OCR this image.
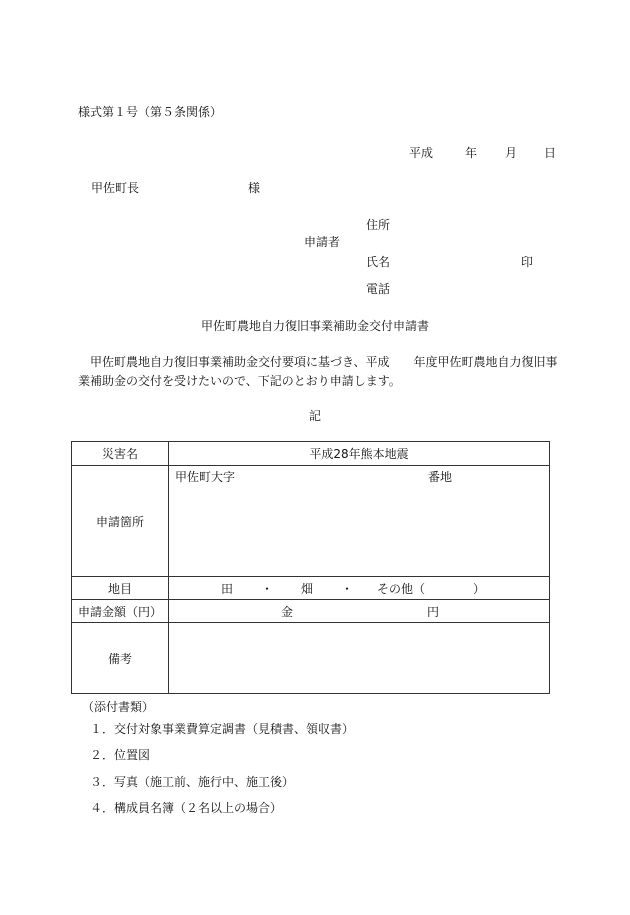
様式第１号（第５条関係）
平成	年 月 日
甲佐町長	様
住所
申請者
氏名	印
電話
甲佐町農地自力復旧事業補助金交付申請書
甲佐町農地自力復旧事業補助金交付要項に基づき、平成　　年度甲佐町農地自力復旧事業補助金の交付を受けたいので、下記のとおり申請します。
記
災害名	平成28年熊本地震
申請箇所	甲佐町大字 番地

地目	田 ・ 畑 ・ その他（　　　　）

申請金額（円）	金 円

備考	
（添付書類）
１．交付対象事業費算定調書（見積書、領収書）
２．位置図
３．写真（施工前、施行中、施工後）
４．構成員名簿（２名以上の場合）
